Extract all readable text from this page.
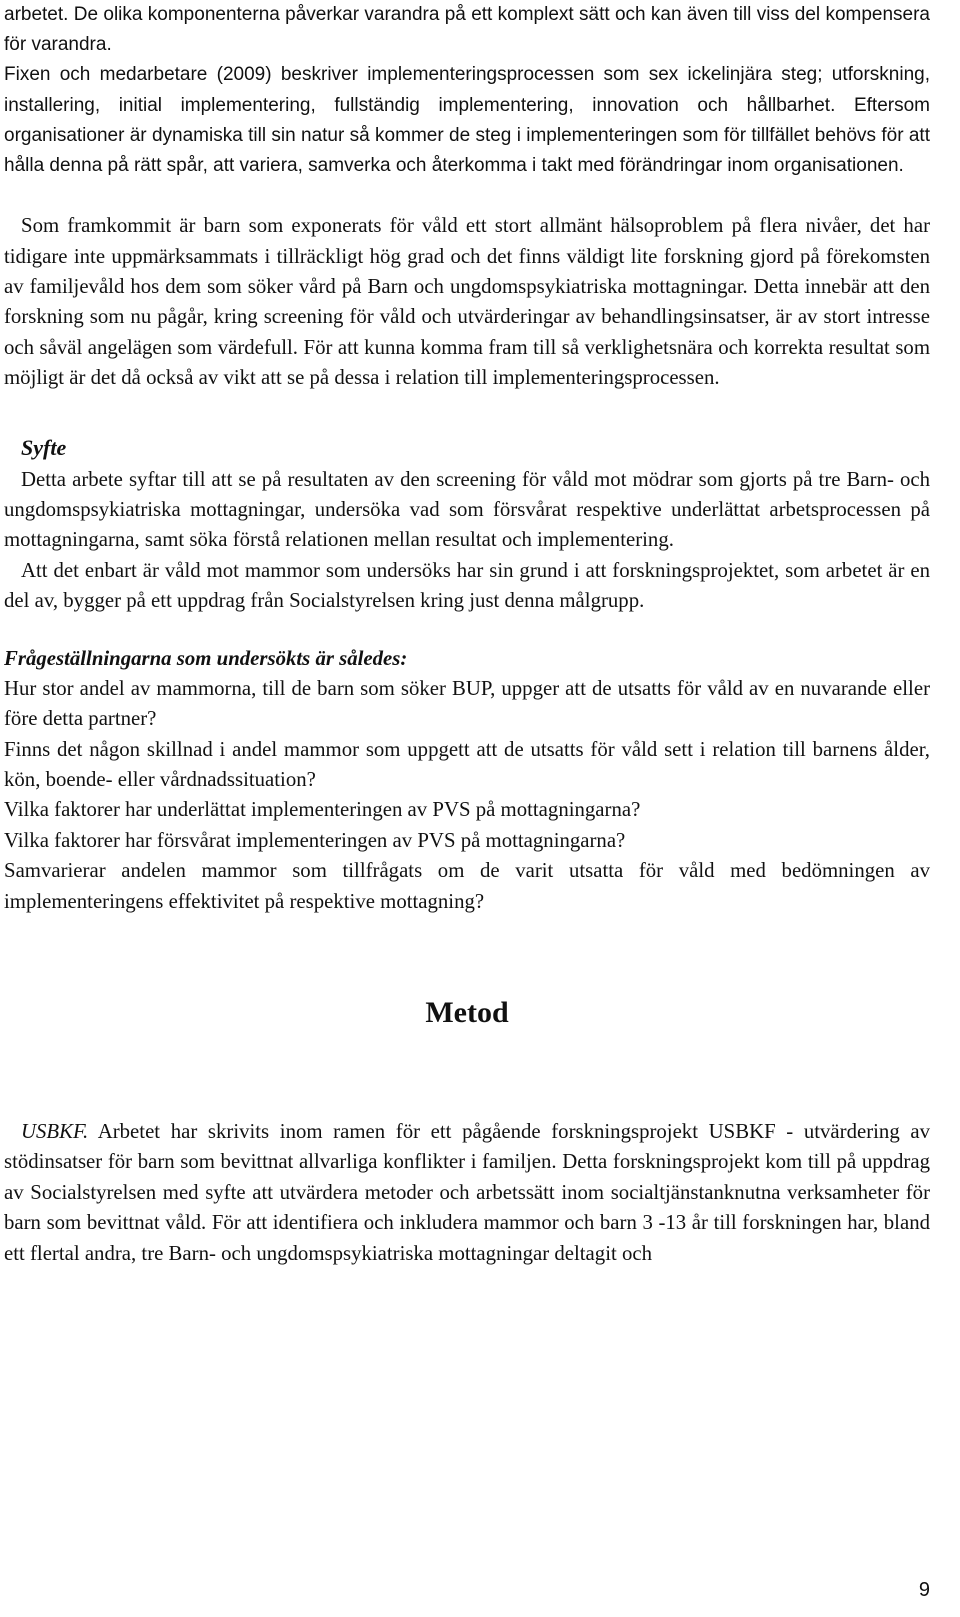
arbetet. De olika komponenterna påverkar varandra på ett komplext sätt och kan även till viss del kompensera för varandra.

Fixen och medarbetare (2009) beskriver implementeringsprocessen som sex ickelinjära steg; utforskning, installering, initial implementering, fullständig implementering, innovation och hållbarhet. Eftersom organisationer är dynamiska till sin natur så kommer de steg i implementeringen som för tillfället behövs för att hålla denna på rätt spår, att variera, samverka och återkomma i takt med förändringar inom organisationen.

Som framkommit är barn som exponerats för våld ett stort allmänt hälsoproblem på flera nivåer, det har tidigare inte uppmärksammats i tillräckligt hög grad och det finns väldigt lite forskning gjord på förekomsten av familjevåld hos dem som söker vård på Barn och ungdomspsykiatriska mottagningar. Detta innebär att den forskning som nu pågår, kring screening för våld och utvärderingar av behandlingsinsatser, är av stort intresse och såväl angelägen som värdefull. För att kunna komma fram till så verklighetsnära och korrekta resultat som möjligt är det då också av vikt att se på dessa i relation till implementeringsprocessen.

Syfte

Detta arbete syftar till att se på resultaten av den screening för våld mot mödrar som gjorts på tre Barn- och ungdomspsykiatriska mottagningar, undersöka vad som försvårat respektive underlättat arbetsprocessen på mottagningarna, samt söka förstå relationen mellan resultat och implementering.

Att det enbart är våld mot mammor som undersöks har sin grund i att forskningsprojektet, som arbetet är en del av, bygger på ett uppdrag från Socialstyrelsen kring just denna målgrupp.

Frågeställningarna som undersökts är således:

Hur stor andel av mammorna, till de barn som söker BUP, uppger att de utsatts för våld av en nuvarande eller före detta partner?

Finns det någon skillnad i andel mammor som uppgett att de utsatts för våld sett i relation till barnens ålder, kön, boende- eller vårdnadssituation?

Vilka faktorer har underlättat implementeringen av PVS på mottagningarna?

Vilka faktorer har försvårat implementeringen av PVS på mottagningarna?

Samvarierar andelen mammor som tillfrågats om de varit utsatta för våld med bedömningen av implementeringens effektivitet på respektive mottagning?

Metod

USBKF. Arbetet har skrivits inom ramen för ett pågående forskningsprojekt USBKF - utvärdering av stödinsatser för barn som bevittnat allvarliga konflikter i familjen. Detta forskningsprojekt kom till på uppdrag av Socialstyrelsen med syfte att utvärdera metoder och arbetssätt inom socialtjänstanknutna verksamheter för barn som bevittnat våld. För att identifiera och inkludera mammor och barn 3 -13 år till forskningen har, bland ett flertal andra, tre Barn- och ungdomspsykiatriska mottagningar deltagit och

9
